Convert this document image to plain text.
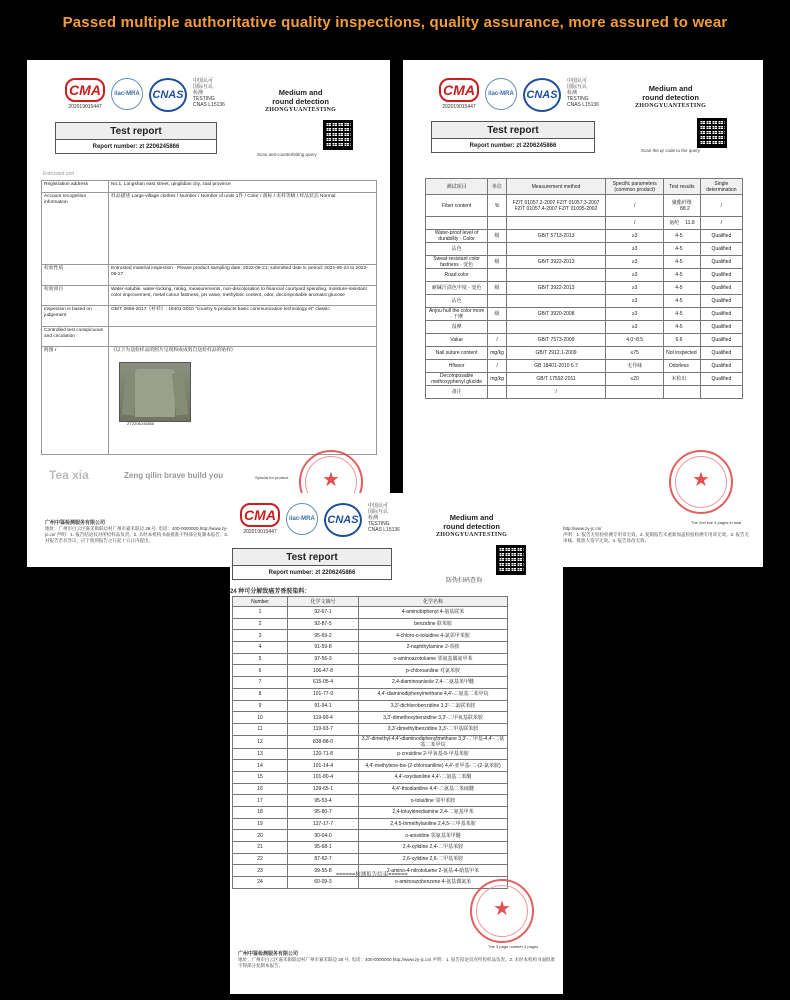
Passed multiple authoritative quality inspections, quality assurance, more assured to wear
CMA
202019015447
ilac-MRA	CNAS
中国认可
国际互认
检测
TESTING
CNAS L15136
Medium and
round detection
ZHONGYUANTESTING
Scan anti-counterfeiting query
Test report
Report number: zt 2206245866
Entrusted unit
Registration address	No.1, Longshan east street, qinglidian city, zaid province
Account recognition information	样品描述 Large-village clothes / Number / Number of units 1件 / Color / 商标 / 来样等级 / 样品状态 Normal
检验性质	Entrusted material inspection · Please product sampling date: 2022-06-21; submitted date 5, period: 2022-06-24 to 2022-06-27
检验项目	Water-soluble, water-locking, rating, measurements, non-discoloration to financial courtyard spending, moisture-resistant color improvement, metal colour fastness, pH value, methylotic content, odor, decomposable aromatic glucose
Inspection is based on judgement	GB/T 2669-2017《衬衫》; 18401-2010 "country 5 products basic communication technology et" classic
Controlled test conspicuous and circulation	
附图 r	《以下为送检样品的照片呈现和成成剪自送检样品的贴样》
ZT2206245866
Tea xia	Zeng qilin brave build you	Special for product	★
广州中鉴检测服务有限公司
地址：广州市白云区嘉禾街联边村广州市嘉禾联边 28 号. 电话：400-0000000 http://www.zy-jc.cn/ 声明：1. 报告结论仅对所检样品负责。2. 未经本机构书面批准不得部分复制本报告。3. 对报告若有异议，应于收到报告之日起十五日内提出。
CMA
202019015447
ilac-MRA	CNAS
中国认可
国际互认
检测
TESTING
CNAS L15136
Medium and
round detection
ZHONGYUANTESTING
Scan the qr code to the query
Test report
Report number: zt 2206245866
测试项目	单位	Measurement method	Specific parameters (common product)	Test results	Single determination
Fiber content	%	FZ/T 01057.2-2007 FZ/T 01057.3-2007 FZ/T 01057.4-2007 FZ/T 01095-2002	/	聚酯纤维88.2	/
			/	氨纶 11.8	/
Water-proof level of durability · Color	级	GB/T 5713-2013	≥3	4-5	Qualified
沾色			≥3	4-5	Qualified
Sweat-resistant color fastness · 变色	级	GB/T 3922-2013	≥3	4-5	Qualified
Road color			≥3	4-5	Qualified
耐碱汗渍色牢度 · 变色	级	GB/T 3922-2013	≥3	4-5	Qualified
沾色			≥3	4-5	Qualified
Anjou hull the color more · 干摩	级	GB/T 3920-2008	≥3	4-5	Qualified
湿摩			≥3	4-5	Qualified
Value	/	GB/T 7573-2009	4.0~8.5	6.6	Qualified
Nail suture content	mg/kg	GB/T 2912.1-2009	≤75	Not inspected	Qualified
Hflavor	/	GB 18401-2010 6.7	无异味	Odorless	Qualified
Decomposable methoxyphenyl glucide	mg/kg	GB/T 17592-2011	≤20	未检出	Qualified
备注		/			
★
The 2nd line 3 pages in total
http://www.zy-jc.cn/
声明：1. 报告无检验检测专用章无效。2. 复制报告未重新加盖检验检测专用章无效。3. 报告无审核、批准人签字无效。4. 报告涂改无效。
CMA
202019015447
ilac-MRA	CNAS
中国认可
国际互认
检测
TESTING
CNAS L15136
Medium and
round detection
ZHONGYUANTESTING
防伪扫码查询
Test report
Report number: zt 2206245866
24 种可分解致癌芳香胺染料：
Number	化学文摘号	化学名称
1	92-67-1	4-aminobiphenyl 4-氨基联苯
2	92-87-5	benzidine 联苯胺
3	95-69-2	4-chloro-o-toluidine 4-氯邻甲苯胺
4	91-59-8	2-naphthylamine 2-萘胺
5	97-56-3	o-aminoazotoluene 邻氨基偶氮甲苯
6	106-47-8	p-chloroaniline 对氯苯胺
7	615-05-4	2,4-diaminoanisole 2,4-二氨基苯甲醚
8	101-77-9	4,4'-diaminodiphenylmethane 4,4'-二氨基二苯甲烷
9	91-94-1	3,3'-dichlorobenzidine 3,3'-二氯联苯胺
10	119-90-4	3,3'-dimethoxybenzidine 3,3'-二甲氧基联苯胺
11	119-93-7	3,3'-dimethylbenzidine 3,3'-二甲基联苯胺
12	838-88-0	3,3'-dimethyl-4,4'-diaminodiphenylmethane 3,3'-二甲基-4,4'-二氨基二苯甲烷
13	120-71-8	p-cresidine 2-甲氧基-5-甲基苯胺
14	101-14-4	4,4'-methylene-bis-(2-chloroaniline) 4,4'-亚甲基-二-(2-氯苯胺)
15	101-80-4	4,4'-oxydianiline 4,4'-二氨基二苯醚
16	139-65-1	4,4'-thiodianiline 4,4'-二氨基二苯硫醚
17	95-53-4	o-toluidine 邻甲苯胺
18	95-80-7	2,4-toluylenediamine 2,4-二氨基甲苯
19	137-17-7	2,4,5-trimethylaniline 2,4,5-三甲基苯胺
20	90-04-0	o-anisidine 邻氨基苯甲醚
21	95-68-1	2,4-xylidine 2,4-二甲基苯胺
22	87-62-7	2,6-xylidine 2,6-二甲基苯胺
23	99-55-8	2-amino-4-nitrotoluene 2-氨基-4-硝基甲苯
24	60-09-3	o-aminoazobenzene 4-氨基偶氮苯
======检测报告结束======
★
The 3 page number 3 pages
广州中鉴检测服务有限公司
地址：广州市白云区嘉禾街联边村广州市嘉禾联边 28 号. 电话：400-0000000 http://www.zy-jc.cn/ 声明：1. 报告结论仅对所检样品负责。2. 未经本机构书面批准不得部分复制本报告。
